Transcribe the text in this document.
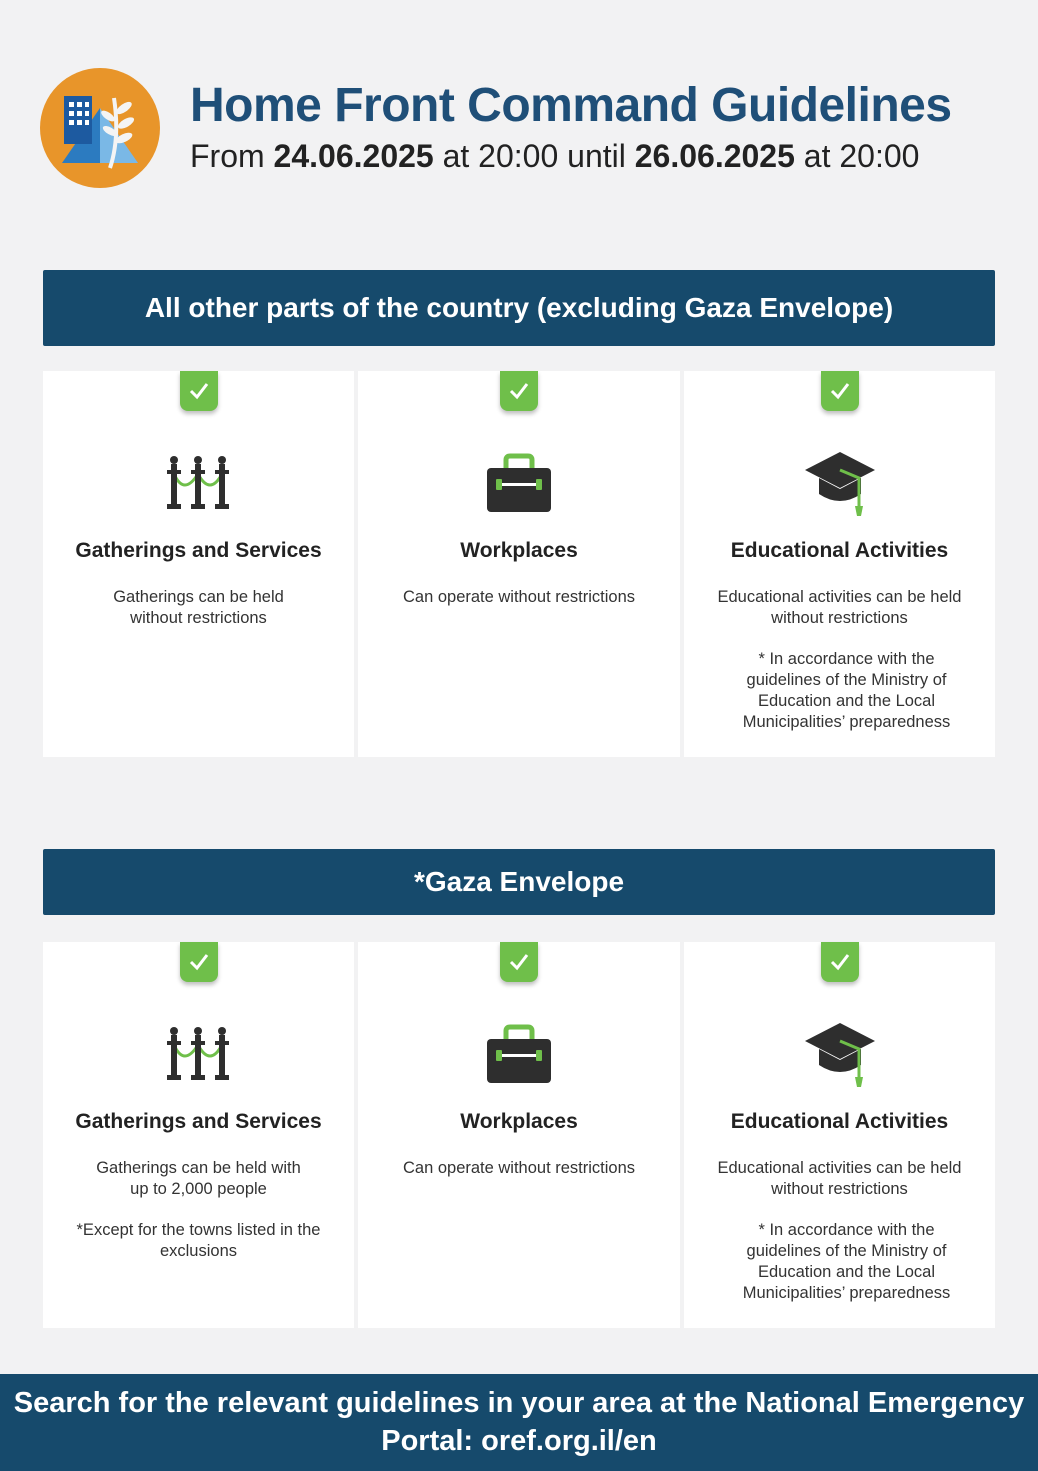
Home Front Command Guidelines
From 24.06.2025 at 20:00 until 26.06.2025 at 20:00
All other parts of the country (excluding Gaza Envelope)
Gatherings and Services
Gatherings can be held without restrictions
Workplaces
Can operate without restrictions
Educational Activities
Educational activities can be held without restrictions
* In accordance with the guidelines of the Ministry of Education and the Local Municipalities’ preparedness
*Gaza Envelope
Gatherings and Services
Gatherings can be held with up to 2,000 people
*Except for the towns listed in the exclusions
Workplaces
Can operate without restrictions
Educational Activities
Educational activities can be held without restrictions
* In accordance with the guidelines of the Ministry of Education and the Local Municipalities’ preparedness
Search for the relevant guidelines in your area at the National Emergency Portal: oref.org.il/en
